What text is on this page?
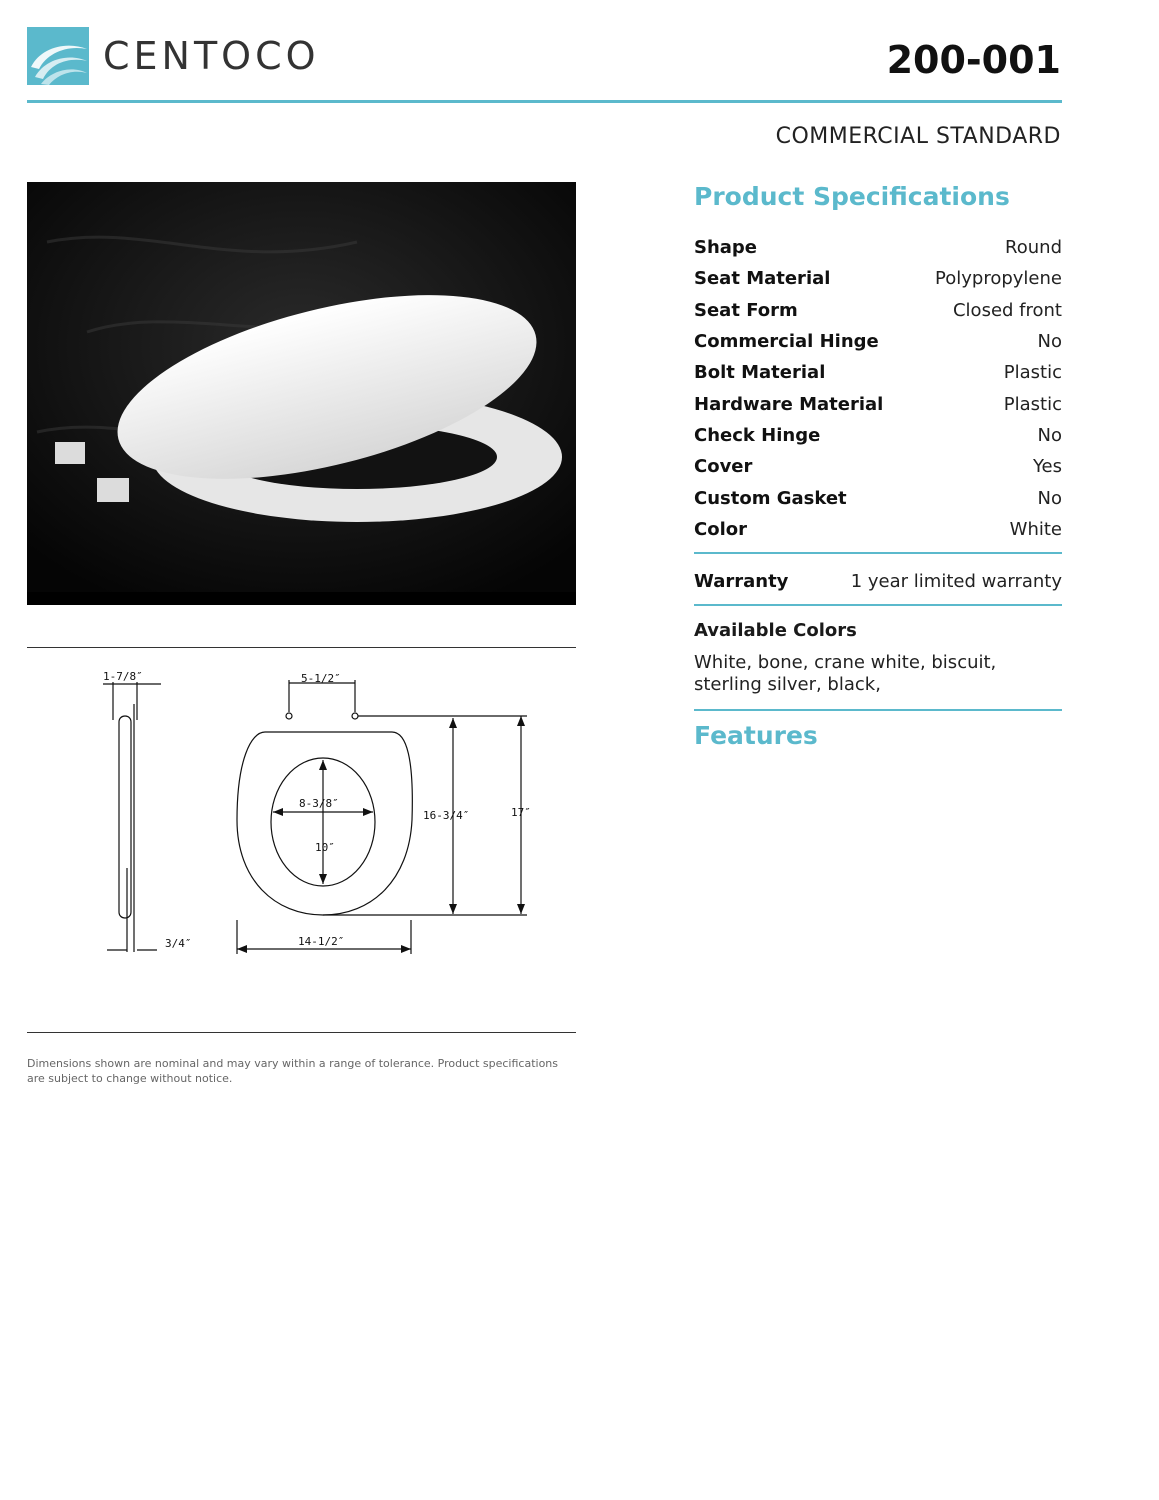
CENTOCO	200-001
COMMERCIAL STANDARD
1-7/8″
3/4″
5-1/2″
8-3/8″
10″
16-3/4″	17″
14-1/2″
Dimensions shown are nominal and may vary within a range of tolerance. Product specifications are subject to change without notice.
Product Specifications
Shape	Round
Seat Material	Polypropylene
Seat Form	Closed front
Commercial Hinge	No
Bolt Material	Plastic
Hardware Material	Plastic
Check Hinge	No
Cover	Yes
Custom Gasket	No
Color	White
Warranty	1 year limited warranty
Available Colors
White, bone, crane white, biscuit, sterling silver, black,
Features
